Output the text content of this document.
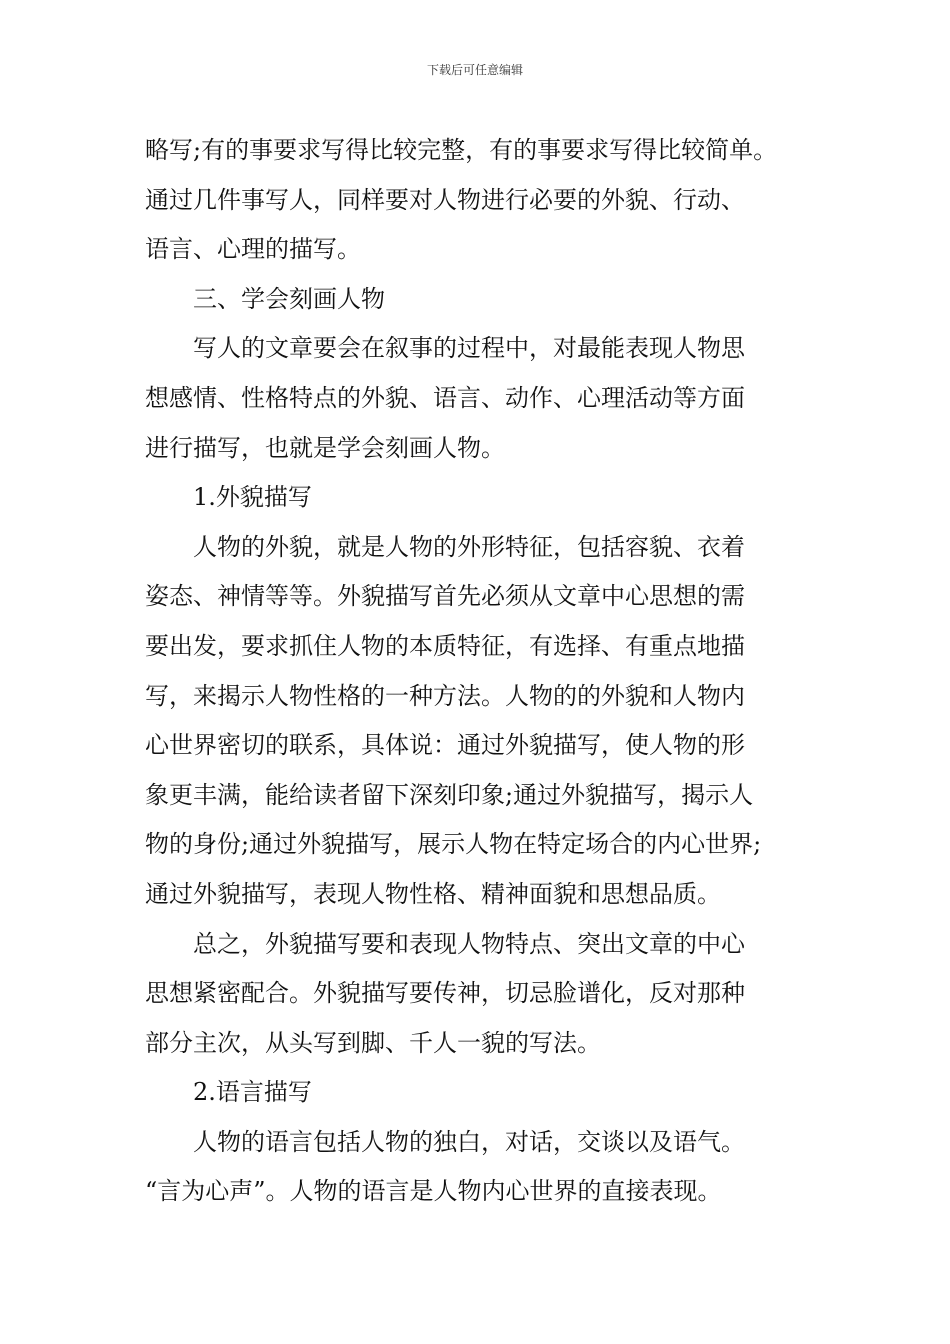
下载后可任意编辑
略写;有的事要求写得比较完整，有的事要求写得比较简单。
通过几件事写人，同样要对人物进行必要的外貌、行动、
语言、心理的描写。
三、学会刻画人物
写人的文章要会在叙事的过程中，对最能表现人物思
想感情、性格特点的外貌、语言、动作、心理活动等方面
进行描写，也就是学会刻画人物。
1.外貌描写
人物的外貌，就是人物的外形特征，包括容貌、衣着
姿态、神情等等。外貌描写首先必须从文章中心思想的需
要出发，要求抓住人物的本质特征，有选择、有重点地描
写，来揭示人物性格的一种方法。人物的的外貌和人物内
心世界密切的联系，具体说：通过外貌描写，使人物的形
象更丰满，能给读者留下深刻印象;通过外貌描写，揭示人
物的身份;通过外貌描写，展示人物在特定场合的内心世界;
通过外貌描写，表现人物性格、精神面貌和思想品质。
总之，外貌描写要和表现人物特点、突出文章的中心
思想紧密配合。外貌描写要传神，切忌脸谱化，反对那种
部分主次，从头写到脚、千人一貌的写法。
2.语言描写
人物的语言包括人物的独白，对话，交谈以及语气。
“言为心声”。人物的语言是人物内心世界的直接表现。
